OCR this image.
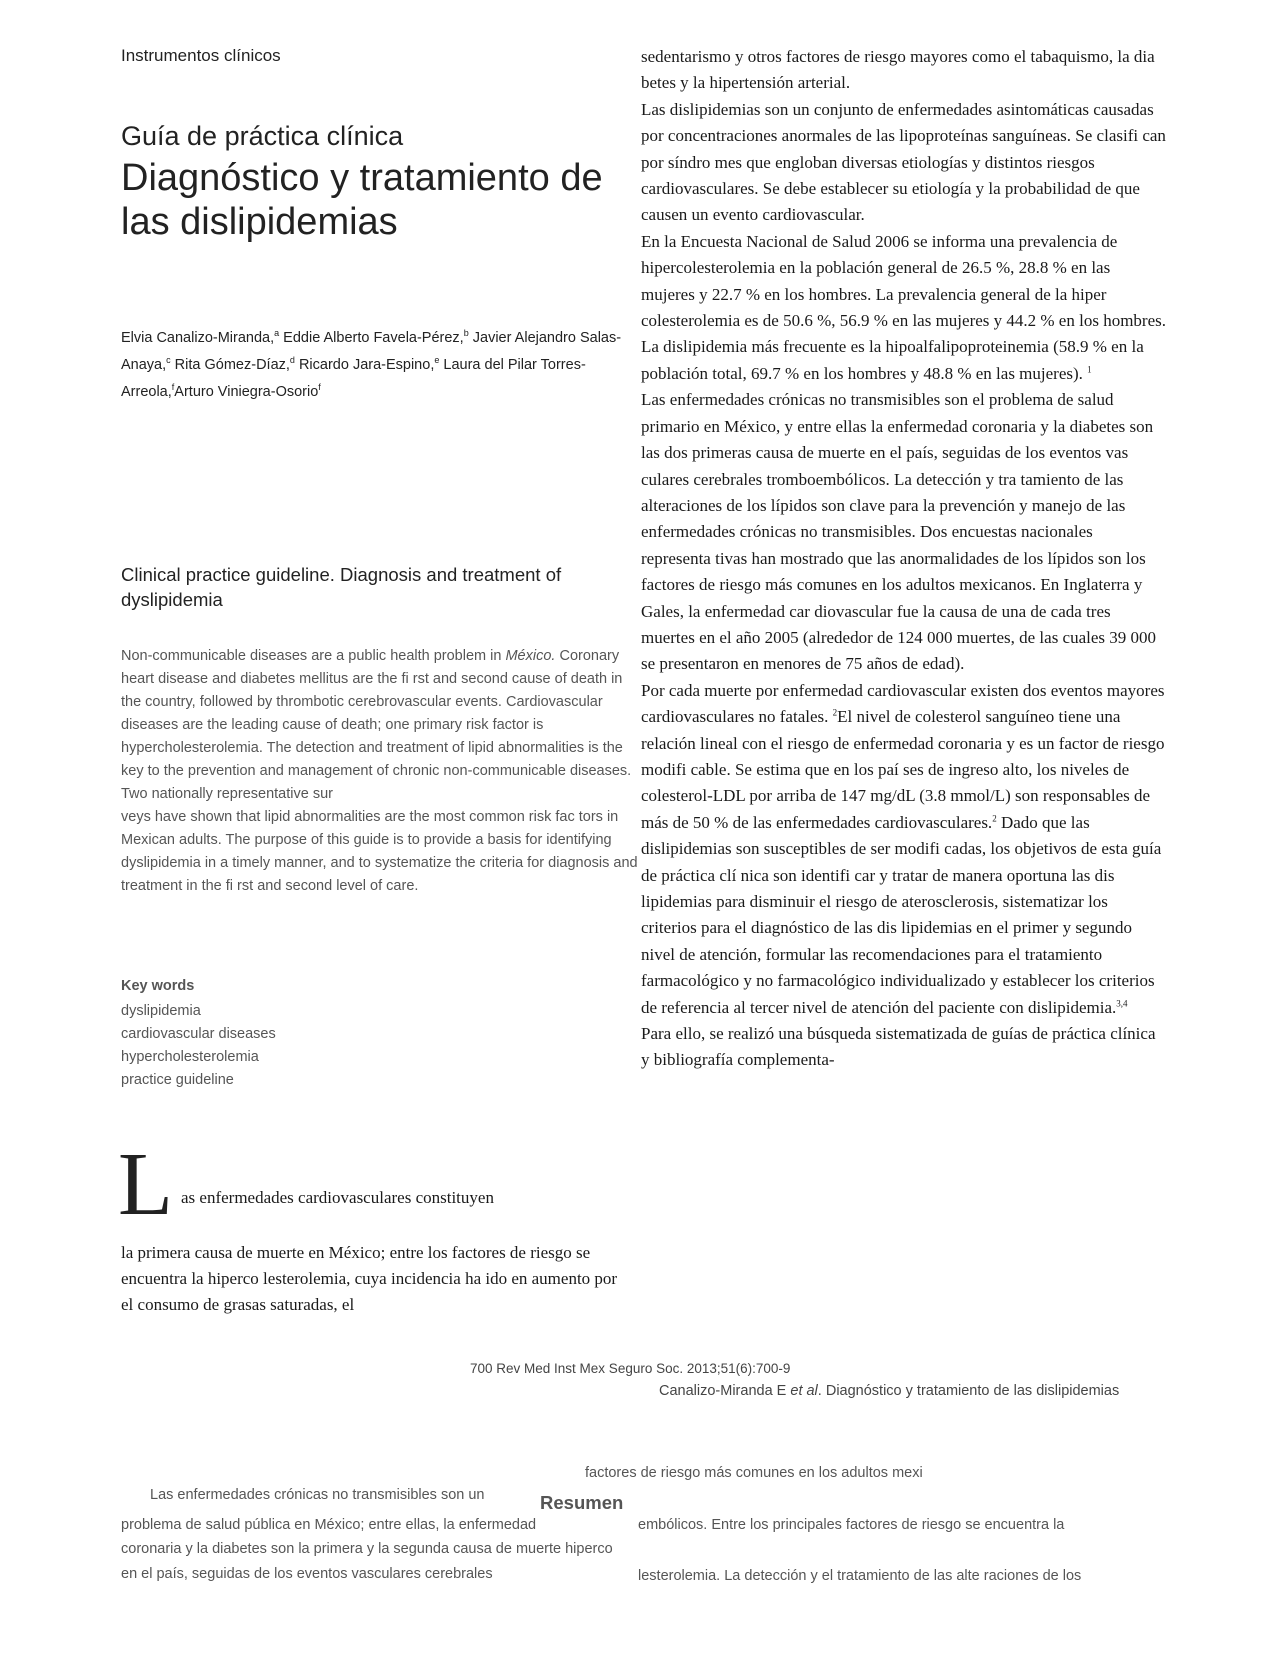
Instrumentos clínicos
Guía de práctica clínica
Diagnóstico y tratamiento de las dislipidemias
Elvia Canalizo-Miranda,$^a$ Eddie Alberto Favela-Pérez,$^b$ Javier Alejandro Salas-Anaya,$^c$ Rita Gómez-Díaz,$^d$ Ricardo Jara-Espino,$^e$ Laura del Pilar Torres-Arreola,$^f$Arturo Viniegra-Osorio$^f$
Clinical practice guideline. Diagnosis and treatment of dyslipidemia

Non-communicable diseases are a public health problem in México. Coronary heart disease and diabetes mellitus are the fi rst and second cause of death in the country, followed by thrombotic cerebrovascular events. Cardiovascular diseases are the leading cause of death; one primary risk factor is hypercholesterolemia. The detection and treatment of lipid abnormalities is the key to the prevention and management of chronic non-communicable diseases. Two nationally representative sur

veys have shown that lipid abnormalities are the most common risk fac tors in Mexican adults. The purpose of this guide is to provide a basis for identifying dyslipidemia in a timely manner, and to systematize the criteria for diagnosis and treatment in the fi rst and second level of care.

Key words
dyslipidemia
cardiovascular diseases
hypercholesterolemia
practice guideline
L as enfermedades cardiovasculares constituyen

la primera causa de muerte en México; entre los factores de riesgo se encuentra la hiperco lesterolemia, cuya incidencia ha ido en aumento por el consumo de grasas saturadas, el

sedentarismo y otros factores de riesgo mayores como el tabaquismo, la dia betes y la hipertensión arterial.

Las dislipidemias son un conjunto de enfermedades asintomáticas causadas por concentraciones anormales de las lipoproteínas sanguíneas. Se clasifi can por síndro mes que engloban diversas etiologías y distintos riesgos cardiovasculares. Se debe establecer su etiología y la probabilidad de que causen un evento cardiovascular.

En la Encuesta Nacional de Salud 2006 se informa una prevalencia de hipercolesterolemia en la población general de 26.5 %, 28.8 % en las mujeres y 22.7 % en los hombres. La prevalencia general de la hiper

colesterolemia es de 50.6 %, 56.9 % en las mujeres y 44.2 % en los hombres. La dislipidemia más frecuente es la hipoalfalipoproteinemia (58.9 % en la población total, 69.7 % en los hombres y 48.8 % en las mujeres). $^1$

Las enfermedades crónicas no transmisibles son el problema de salud primario en México, y entre ellas la enfermedad coronaria y la diabetes son las dos primeras causa de muerte en el país, seguidas de los eventos vas

culares cerebrales tromboembólicos. La detección y tra tamiento de las alteraciones de los lípidos son clave para la prevención y manejo de las enfermedades crónicas no transmisibles. Dos encuestas nacionales representa tivas han mostrado que las anormalidades de los lípidos son los factores de riesgo más comunes en los adultos mexicanos. En Inglaterra y Gales, la enfermedad car diovascular fue la causa de una de cada tres muertes en el año 2005 (alrededor de 124 000 muertes, de las cuales 39 000 se presentaron en menores de 75 años de edad).

Por cada muerte por enfermedad cardiovascular existen dos eventos mayores cardiovasculares no fatales. $^2$El nivel de colesterol sanguíneo tiene una relación lineal con el riesgo de enfermedad coronaria y es un factor de riesgo modifi cable. Se estima que en los paí ses de ingreso alto, los niveles de colesterol-LDL por arriba de 147 mg/dL (3.8 mmol/L) son responsables de más de 50 % de las enfermedades cardiovasculares.$^2$ Dado que las dislipidemias son susceptibles de ser modifi cadas, los objetivos de esta guía de práctica clí nica son identifi car y tratar de manera oportuna las dis lipidemias para disminuir el riesgo de aterosclerosis, sistematizar los criterios para el diagnóstico de las dis lipidemias en el primer y segundo nivel de atención, formular las recomendaciones para el tratamiento farmacológico y no farmacológico individualizado y establecer los criterios de referencia al tercer nivel de atención del paciente con dislipidemia.$^{3,4}$

Para ello, se realizó una búsqueda sistematizada de guías de práctica clínica y bibliografía complementa-

700 Rev Med Inst Mex Seguro Soc. 2013;51(6):700-9
Canalizo-Miranda E et al. Diagnóstico y tratamiento de las dislipidemias
factores de riesgo más comunes en los adultos mexi
Las enfermedades crónicas no transmisibles son un	Resumen
problema de salud pública en México; entre ellas, la enfermedad	embólicos. Entre los principales factores de riesgo se encuentra la
coronaria y la diabetes son la primera y la segunda causa de muerte hiperco
en el país, seguidas de los eventos vasculares cerebrales	lesterolemia. La detección y el tratamiento de las alte raciones de los
